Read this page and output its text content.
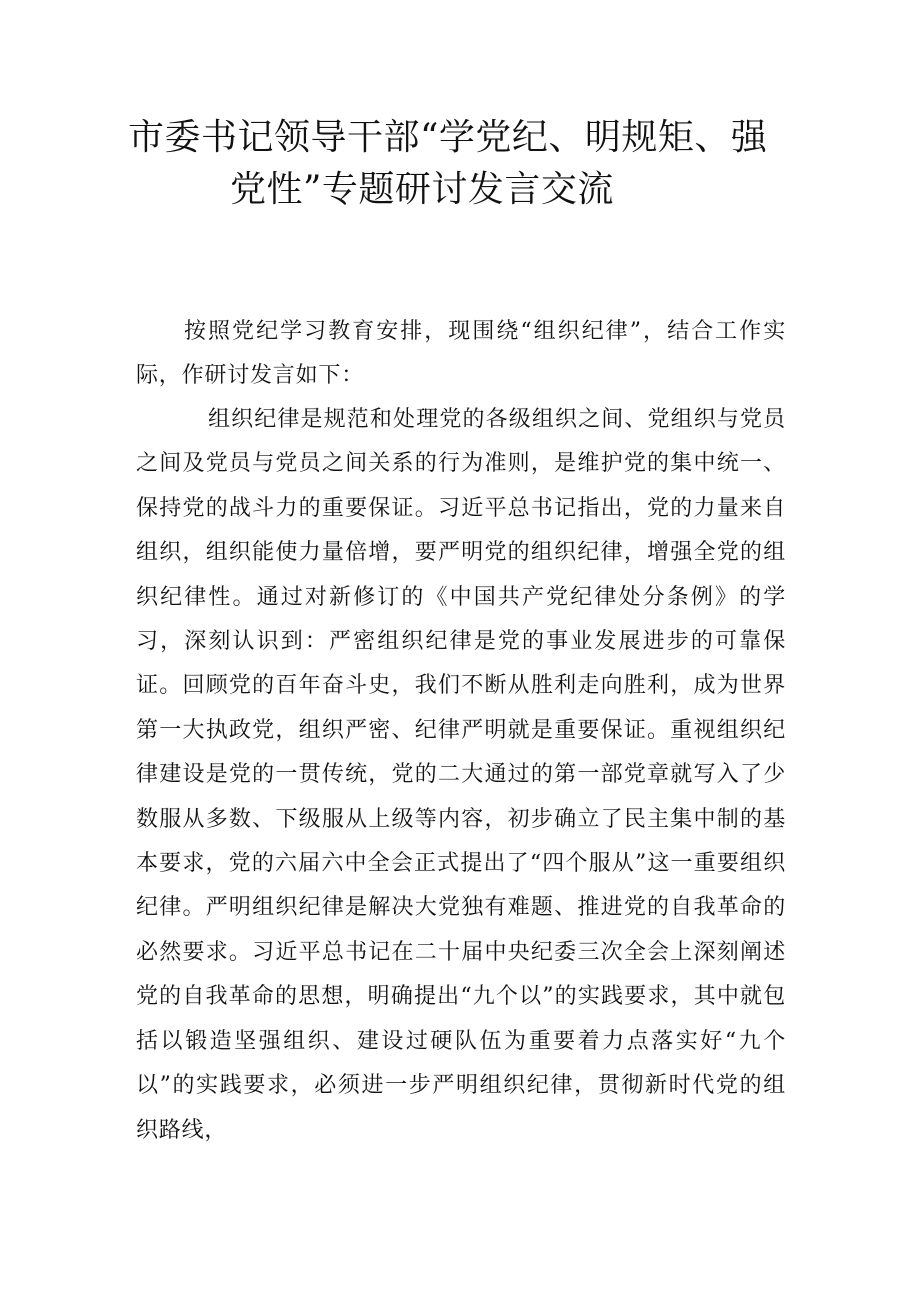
市委书记领导干部“学党纪、明规矩、强
党性”专题研讨发言交流

按照党纪学习教育安排，现围绕“组织纪律”，结合工作实际，作研讨发言如下：

组织纪律是规范和处理党的各级组织之间、党组织与党员之间及党员与党员之间关系的行为准则，是维护党的集中统一、保持党的战斗力的重要保证。习近平总书记指出，党的力量来自组织，组织能使力量倍增，要严明党的组织纪律，增强全党的组织纪律性。通过对新修订的《中国共产党纪律处分条例》的学习，深刻认识到：严密组织纪律是党的事业发展进步的可靠保证。回顾党的百年奋斗史，我们不断从胜利走向胜利，成为世界第一大执政党，组织严密、纪律严明就是重要保证。重视组织纪律建设是党的一贯传统，党的二大通过的第一部党章就写入了少数服从多数、下级服从上级等内容，初步确立了民主集中制的基本要求，党的六届六中全会正式提出了“四个服从”这一重要组织纪律。严明组织纪律是解决大党独有难题、推进党的自我革命的必然要求。习近平总书记在二十届中央纪委三次全会上深刻阐述党的自我革命的思想，明确提出“九个以”的实践要求，其中就包括以锻造坚强组织、建设过硬队伍为重要着力点落实好“九个以”的实践要求，必须进一步严明组织纪律，贯彻新时代党的组织路线，
